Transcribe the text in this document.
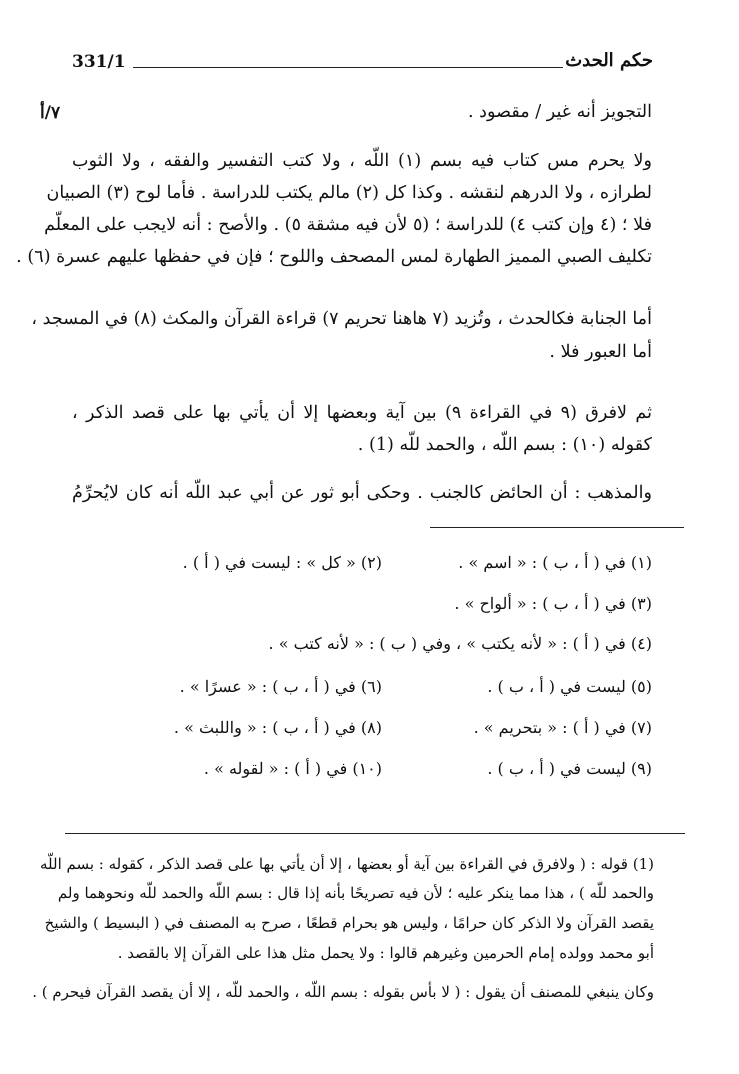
331/1	حكم الحدث
٧/أ	التجويز أنه غير / مقصود .
ولا يحرم مس كتاب فيه بسم (١) اللّه ، ولا كتب التفسير والفقه ، ولا الثوب
لطرازه ، ولا الدرهم لنقشه . وكذا كل (٢) مالم يكتب للدراسة . فأما لوح (٣) الصبيان
فلا ؛ (٤ وإن كتب ٤) للدراسة ؛ (٥ لأن فيه مشقة ٥) . والأصح : أنه لايجب على المعلّم
تكليف الصبي المميز الطهارة لمس المصحف واللوح ؛ فإن في حفظها عليهم عسرة (٦) .
أما الجنابة فكالحدث ، وتُزيد (٧ هاهنا تحريم ٧) قراءة القرآن والمكث (٨) في المسجد ،
أما العبور فلا .
ثم لافرق (٩ في القراءة ٩) بين آية وبعضها إلا أن يأتي بها على قصد الذكر ،
كقوله (١٠) : بسم اللّه ، والحمد للّه (1) .
والمذهب : أن الحائض كالجنب . وحكى أبو ثور عن أبي عبد اللّه أنه كان لايُحرِّمُ
(١) في ( أ ، ب ) : « اسم » .
(٢) « كل » : ليست في ( أ ) .
(٣) في ( أ ، ب ) : « ألواح » .
(٤) في ( أ ) : « لأنه يكتب » ، وفي ( ب ) : « لأنه كتب » .
(٥) ليست في ( أ ، ب ) .
(٦) في ( أ ، ب ) : « عسرًا » .
(٧) في ( أ ) : « بتحريم » .
(٨) في ( أ ، ب ) : « واللبث » .
(٩) ليست في ( أ ، ب ) .
(١٠) في ( أ ) : « لقوله » .
(1) قوله : ( ولافرق في القراءة بين آية أو بعضها ، إلا أن يأتي بها على قصد الذكر ، كقوله : بسم اللّه
والحمد للّه ) ، هذا مما ينكر عليه ؛ لأن فيه تصريحًا بأنه إذا قال : بسم اللّه والحمد للّه ونحوهما ولم
يقصد القرآن ولا الذكر كان حرامًا ، وليس هو بحرام قطعًا ، صرح به المصنف في ( البسيط ) والشيخ
أبو محمد وولده إمام الحرمين وغيرهم قالوا : ولا يحمل مثل هذا على القرآن إلا بالقصد .
وكان ينبغي للمصنف أن يقول : ( لا بأس بقوله : بسم اللّه ، والحمد للّه ، إلا أن يقصد القرآن فيحرم ) .
